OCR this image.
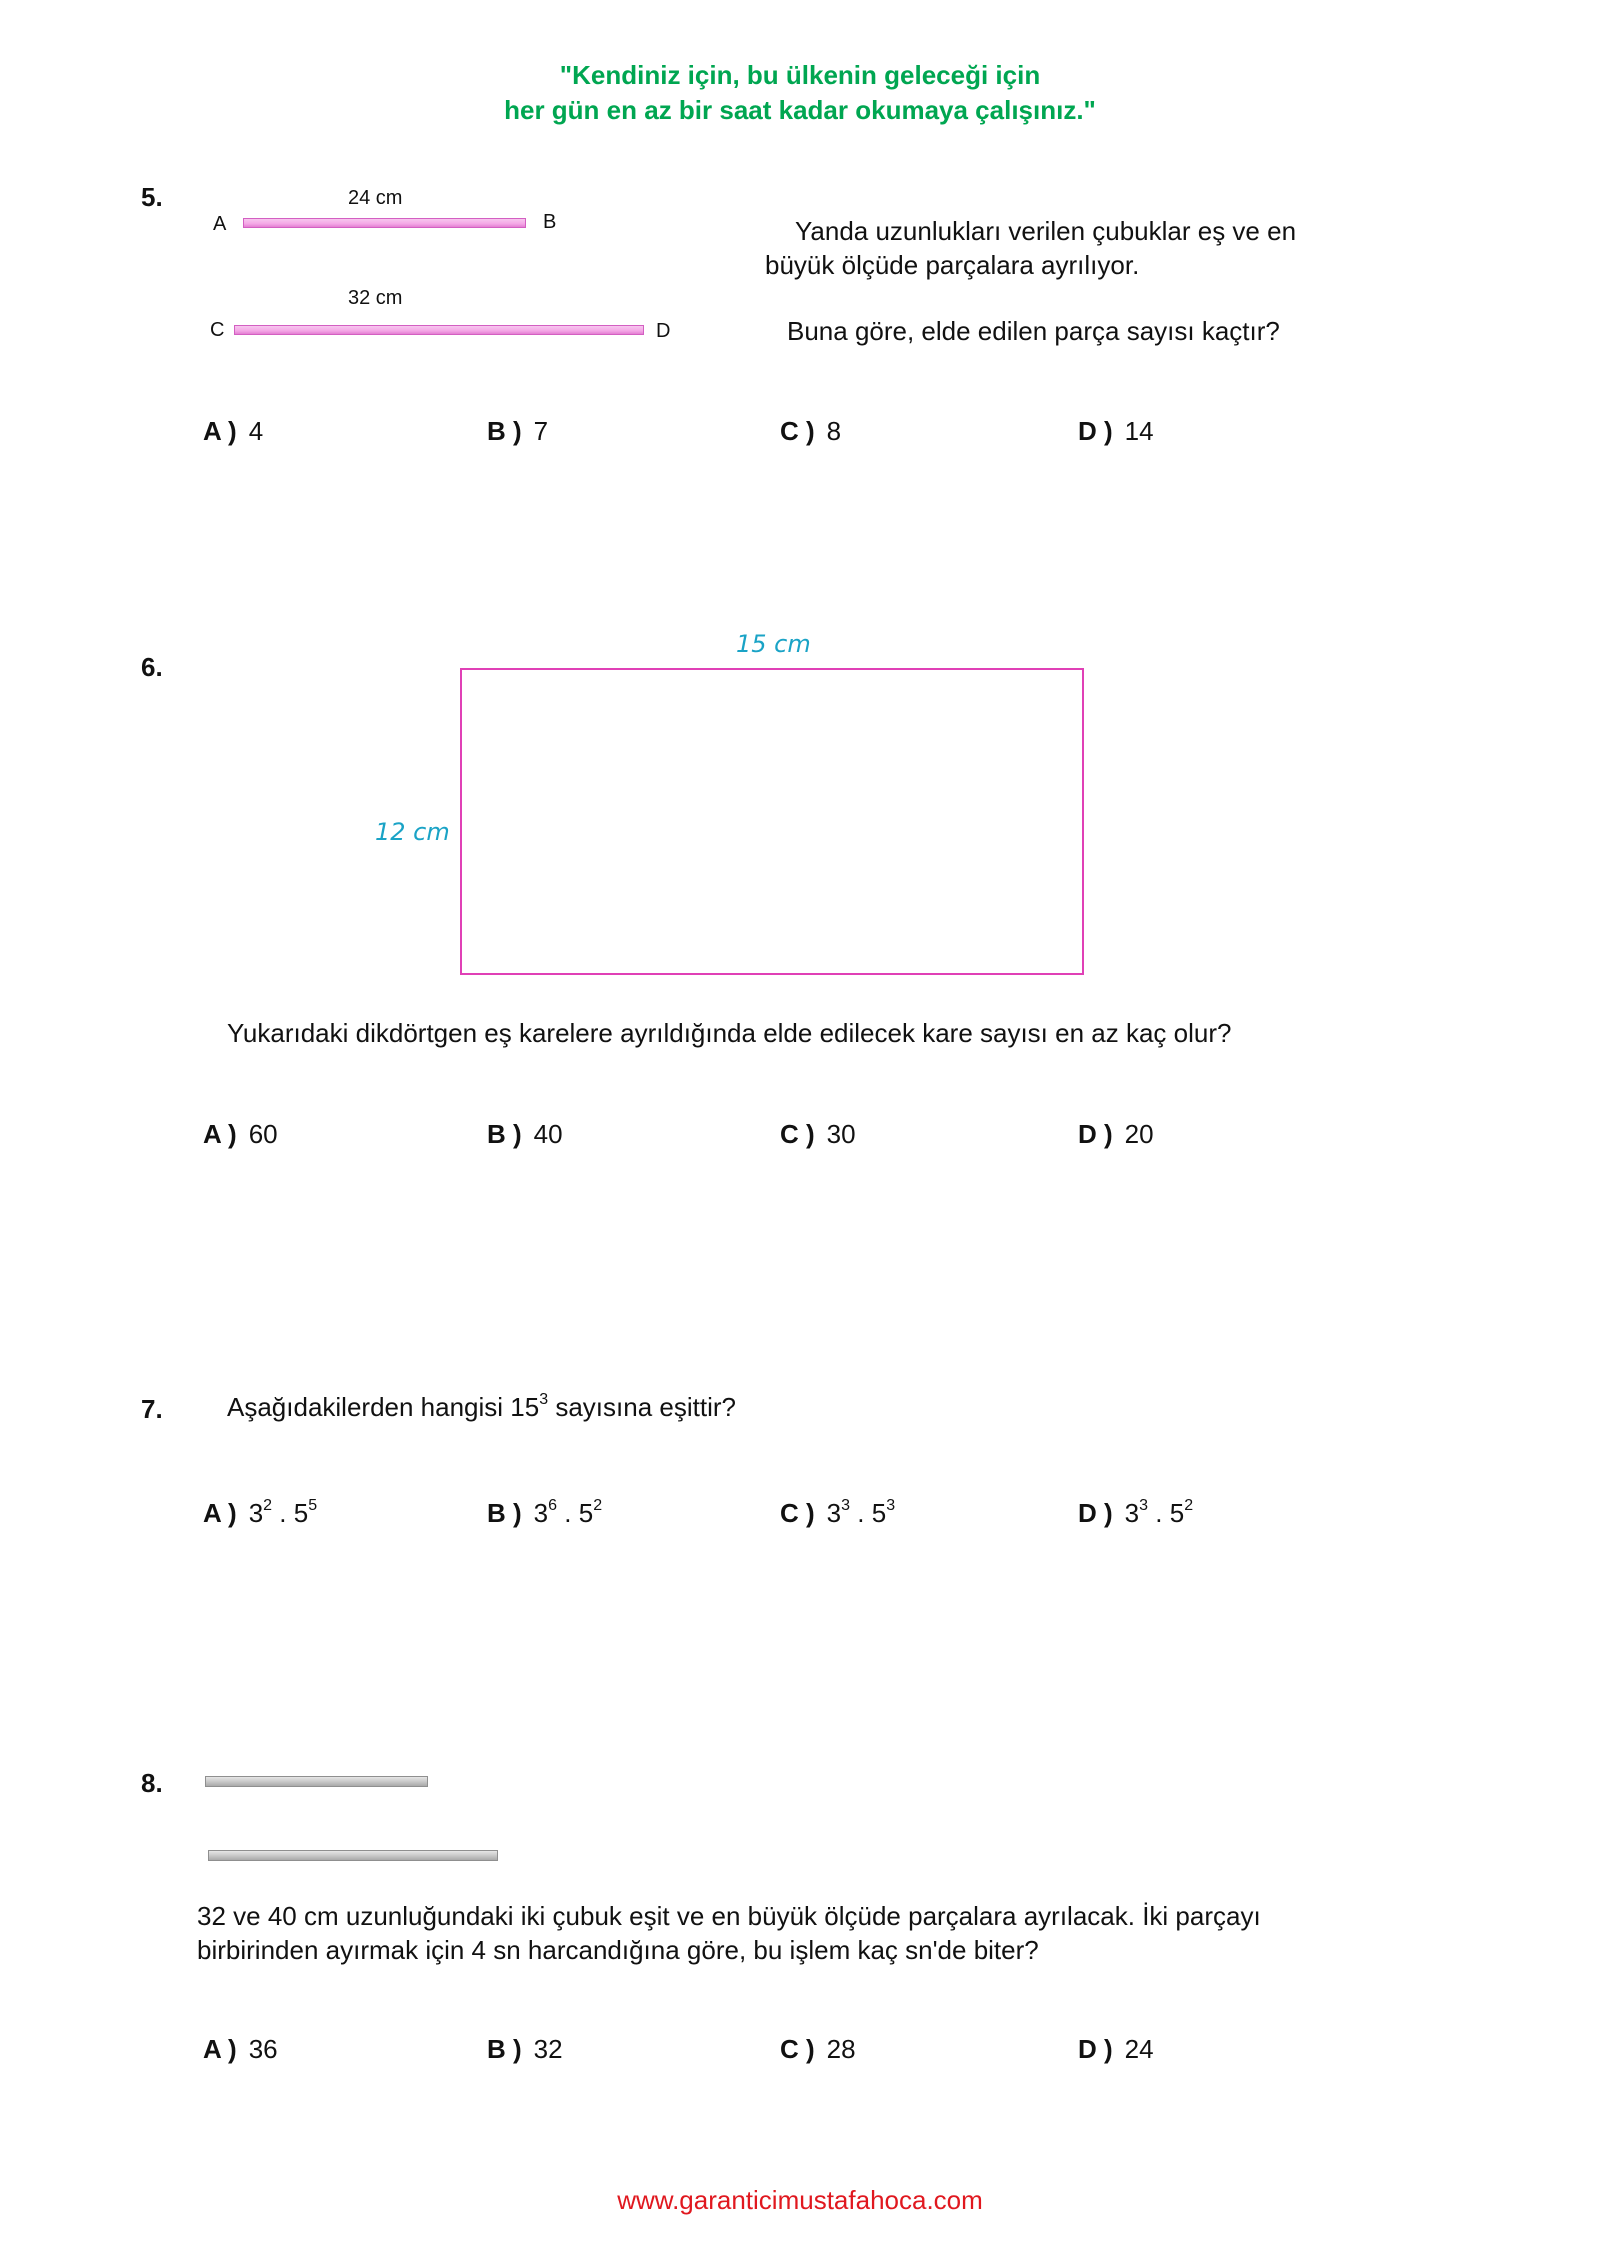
"Kendiniz için, bu ülkenin geleceği için
her gün en az bir saat kadar okumaya çalışınız."
5.	24 cm
A	B
32 cm
C	D
Yanda uzunlukları verilen çubuklar eş ve en
büyük ölçüde parçalara ayrılıyor.
Buna göre, elde edilen parça sayısı kaçtır?
A ) 4	B ) 7	C ) 8	D ) 14
6.
15 cm
12 cm
Yukarıdaki dikdörtgen eş karelere ayrıldığında elde edilecek kare sayısı en az kaç olur?
A ) 60	B ) 40	C ) 30	D ) 20
7. Aşağıdakilerden hangisi $15^3$ sayısına eşittir?
A ) $3^2$ . $5^5$	B ) $3^6$ . $5^2$	C ) $3^3$ . $5^3$	D ) $3^3$ . $5^2$
8.
32 ve 40 cm uzunluğundaki iki çubuk eşit ve en büyük ölçüde parçalara ayrılacak. İki parçayı
birbirinden ayırmak için 4 sn harcandığına göre, bu işlem kaç sn'de biter?
A ) 36	B ) 32	C ) 28	D ) 24
www.garanticimustafahoca.com
